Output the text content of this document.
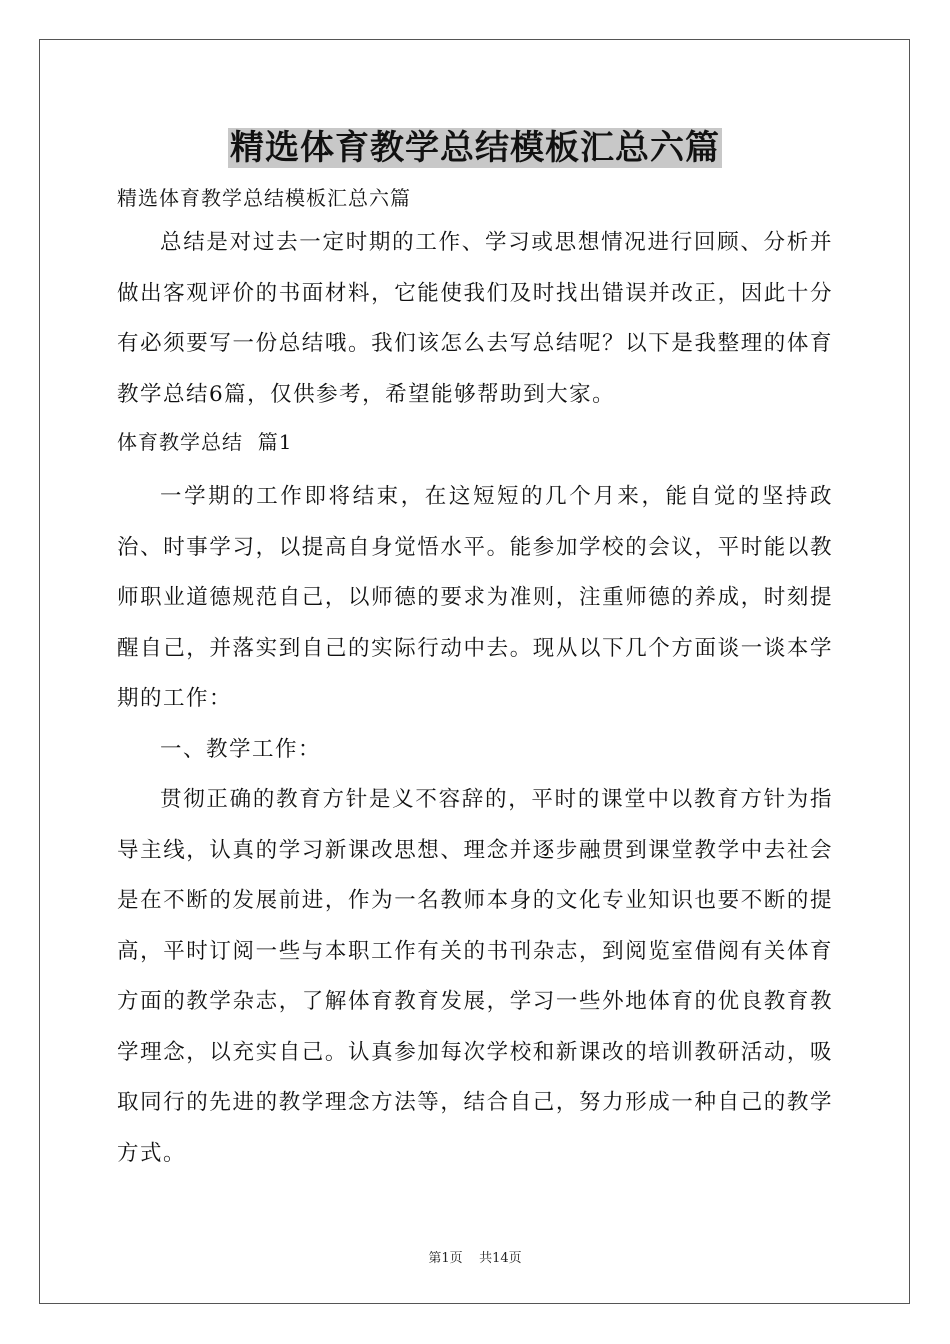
精选体育教学总结模板汇总六篇

精选体育教学总结模板汇总六篇

总结是对过去一定时期的工作、学习或思想情况进行回顾、分析并做出客观评价的书面材料，它能使我们及时找出错误并改正，因此十分有必须要写一份总结哦。我们该怎么去写总结呢？以下是我整理的体育教学总结6篇，仅供参考，希望能够帮助到大家。

体育教学总结  篇1

一学期的工作即将结束，在这短短的几个月来，能自觉的坚持政治、时事学习，以提高自身觉悟水平。能参加学校的会议，平时能以教师职业道德规范自己，以师德的要求为准则，注重师德的养成，时刻提醒自己，并落实到自己的实际行动中去。现从以下几个方面谈一谈本学期的工作：

一、教学工作：

贯彻正确的教育方针是义不容辞的，平时的课堂中以教育方针为指导主线，认真的学习新课改思想、理念并逐步融贯到课堂教学中去社会是在不断的发展前进，作为一名教师本身的文化专业知识也要不断的提高，平时订阅一些与本职工作有关的书刊杂志，到阅览室借阅有关体育方面的教学杂志，了解体育教育发展，学习一些外地体育的优良教育教学理念，以充实自己。认真参加每次学校和新课改的培训教研活动，吸取同行的先进的教学理念方法等，结合自己，努力形成一种自己的教学方式。

第1页    共14页
